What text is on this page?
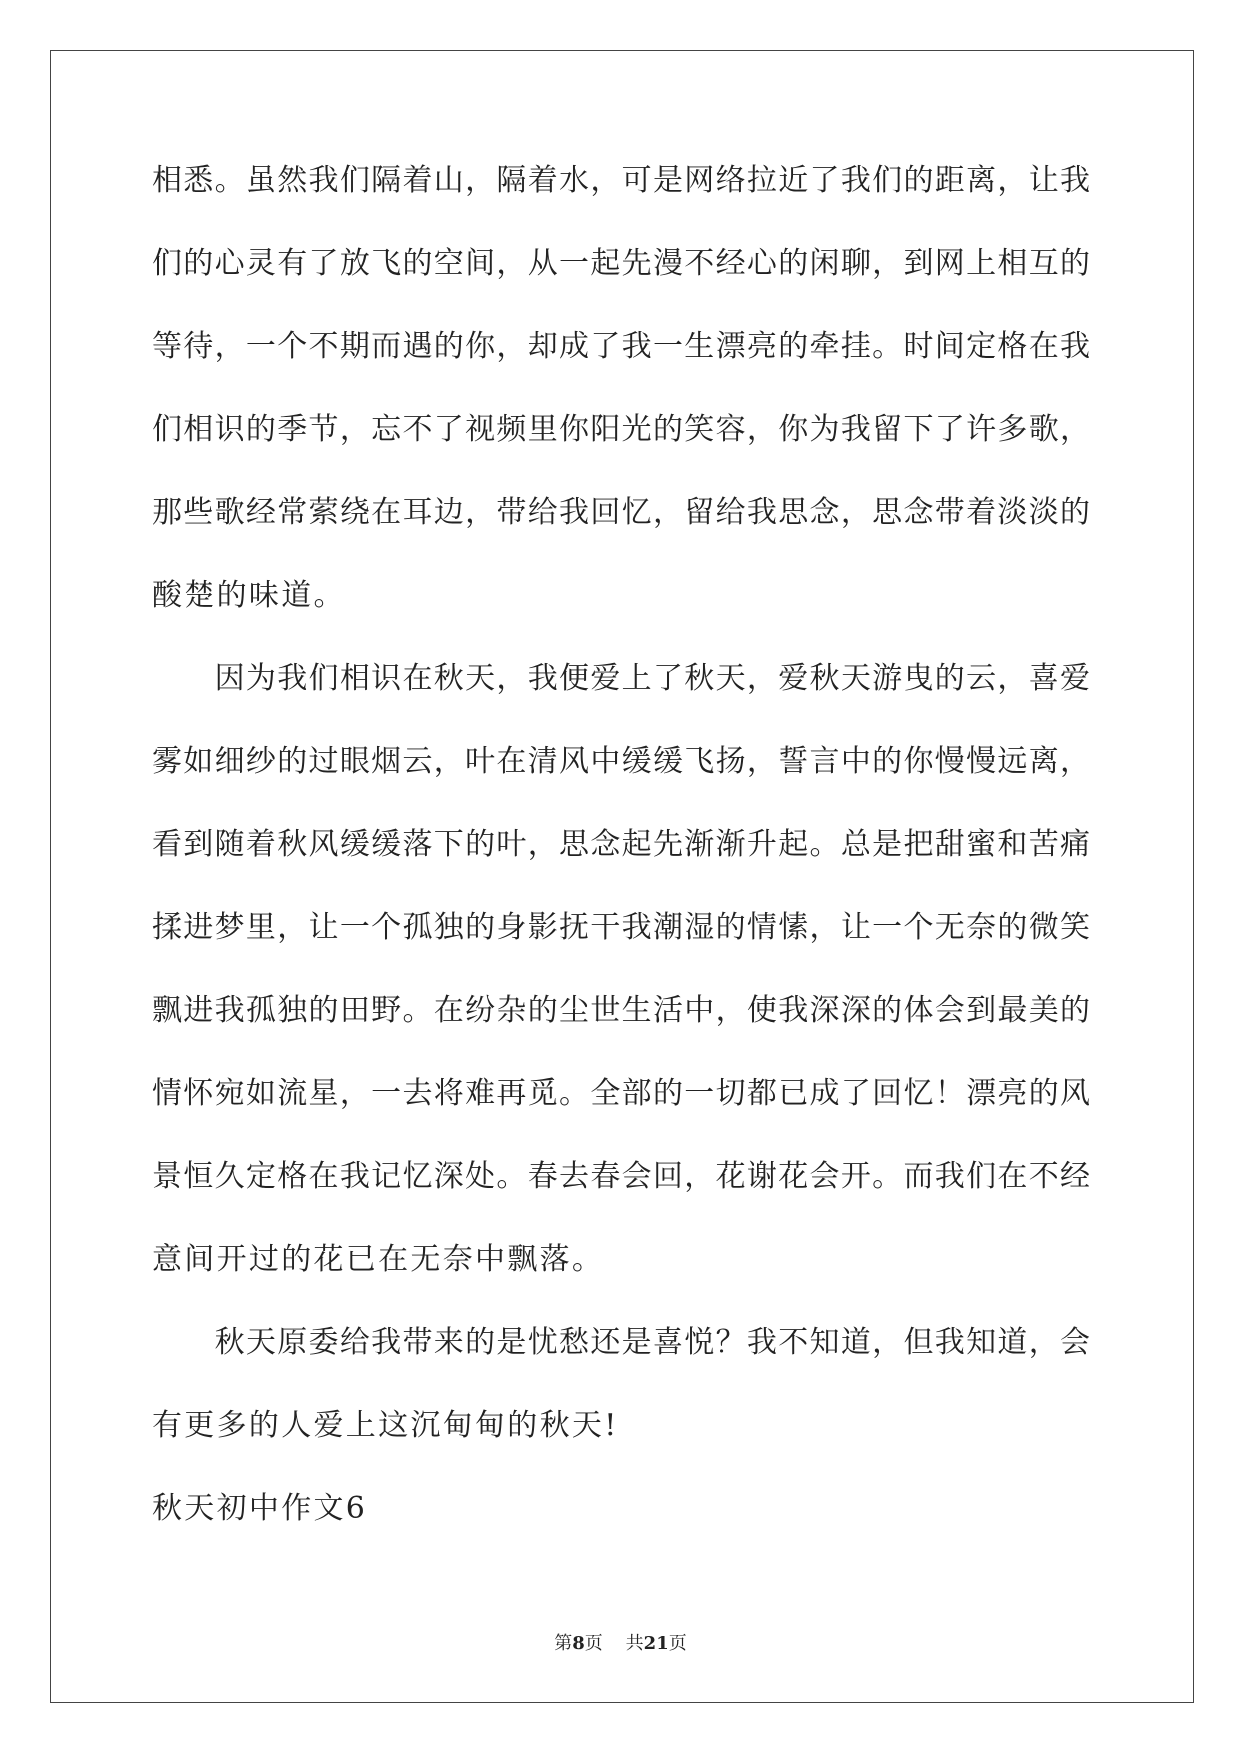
相悉。虽然我们隔着山，隔着水，可是网络拉近了我们的距离，让我
们的心灵有了放飞的空间，从一起先漫不经心的闲聊，到网上相互的
等待，一个不期而遇的你，却成了我一生漂亮的牵挂。时间定格在我
们相识的季节，忘不了视频里你阳光的笑容，你为我留下了许多歌，
那些歌经常萦绕在耳边，带给我回忆，留给我思念，思念带着淡淡的
酸楚的味道。
　　因为我们相识在秋天，我便爱上了秋天，爱秋天游曳的云，喜爱
雾如细纱的过眼烟云，叶在清风中缓缓飞扬，誓言中的你慢慢远离，
看到随着秋风缓缓落下的叶，思念起先渐渐升起。总是把甜蜜和苦痛
揉进梦里，让一个孤独的身影抚干我潮湿的情愫，让一个无奈的微笑
飘进我孤独的田野。在纷杂的尘世生活中，使我深深的体会到最美的
情怀宛如流星，一去将难再觅。全部的一切都已成了回忆！漂亮的风
景恒久定格在我记忆深处。春去春会回，花谢花会开。而我们在不经
意间开过的花已在无奈中飘落。
　　秋天原委给我带来的是忧愁还是喜悦？我不知道，但我知道，会
有更多的人爱上这沉甸甸的秋天!
秋天初中作文6
第8页 共21页
